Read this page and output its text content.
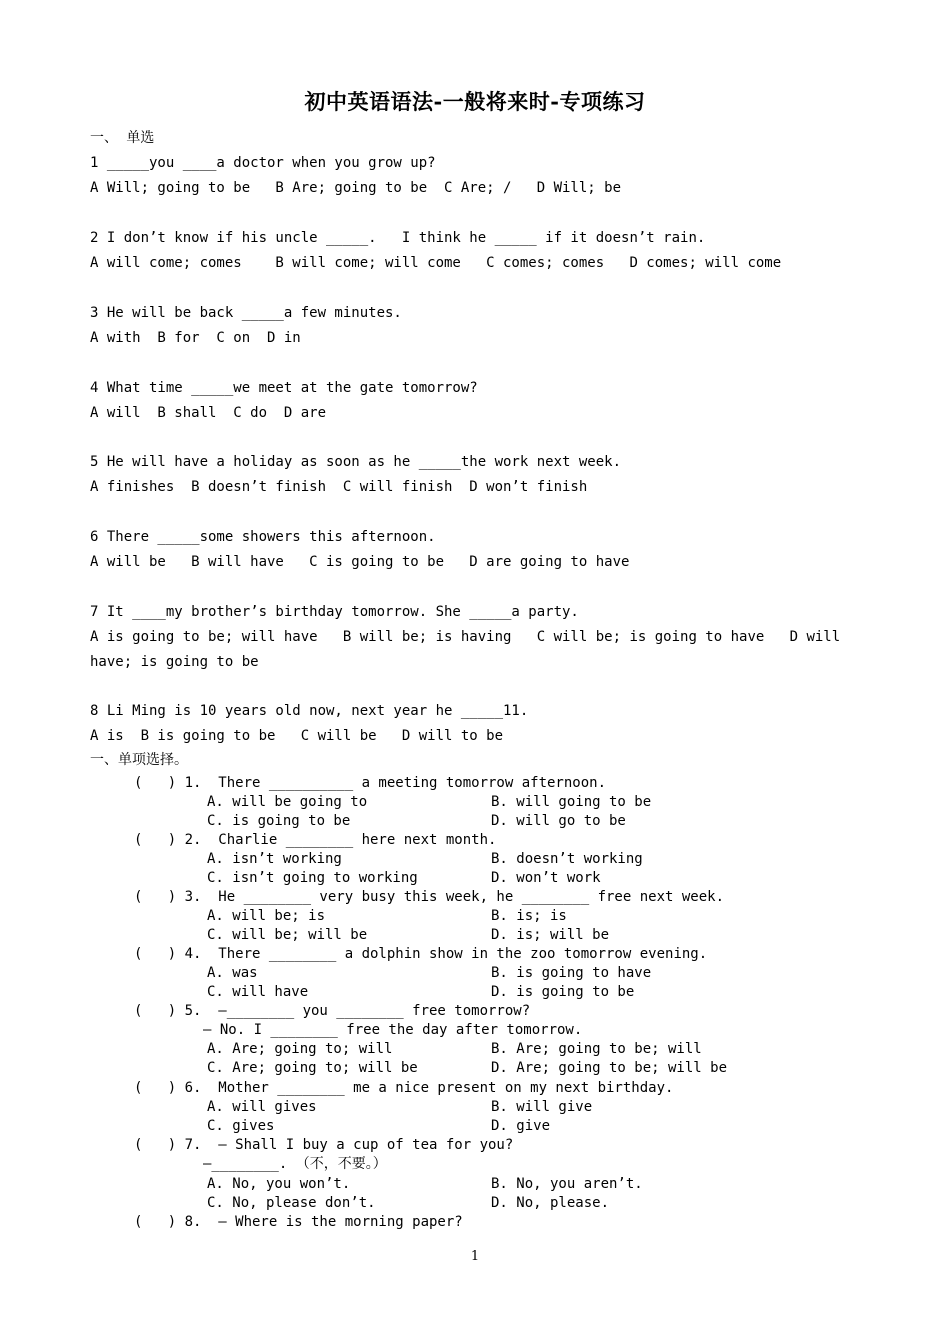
初中英语语法-一般将来时-专项练习
一、 单选
1 _____you ____a doctor when you grow up?
A Will; going to be   B Are; going to be  C Are; /   D Will; be
2 I don’t know if his uncle _____.   I think he _____ if it doesn’t rain.
A will come; comes    B will come; will come   C comes; comes   D comes; will come
3 He will be back _____a few minutes.
A with  B for  C on  D in
4 What time _____we meet at the gate tomorrow?
A will  B shall  C do  D are
5 He will have a holiday as soon as he _____the work next week.
A finishes  B doesn’t finish  C will finish  D won’t finish
6 There _____some showers this afternoon.
A will be   B will have   C is going to be   D are going to have
7 It ____my brother’s birthday tomorrow. She _____a party.
A is going to be; will have   B will be; is having   C will be; is going to have   D will
have; is going to be
8 Li Ming is 10 years old now, next year he _____11.
A is  B is going to be   C will be   D will to be
一、单项选择。
(   ) 1.  There __________ a meeting tomorrow afternoon.
A. will be going to	B. will going to be
C. is going to be	D. will go to be
(   ) 2.  Charlie ________ here next month.
A. isn’t working	B. doesn’t working
C. isn’t going to working	D. won’t work
(   ) 3.  He ________ very busy this week, he ________ free next week.
A. will be; is	B. is; is
C. will be; will be	D. is; will be
(   ) 4.  There ________ a dolphin show in the zoo tomorrow evening.
A. was	B. is going to have
C. will have	D. is going to be
(   ) 5.  –________ you ________ free tomorrow?
– No. I ________ free the day after tomorrow.
A. Are; going to; will	B. Are; going to be; will
C. Are; going to; will be	D. Are; going to be; will be
(   ) 6.  Mother ________ me a nice present on my next birthday.
A. will gives	B. will give
C. gives	D. give
(   ) 7.  – Shall I buy a cup of tea for you?
–________. （不，不要。）
A. No, you won’t.	B. No, you aren’t.
C. No, please don’t.	D. No, please.
(   ) 8.  – Where is the morning paper?
1
